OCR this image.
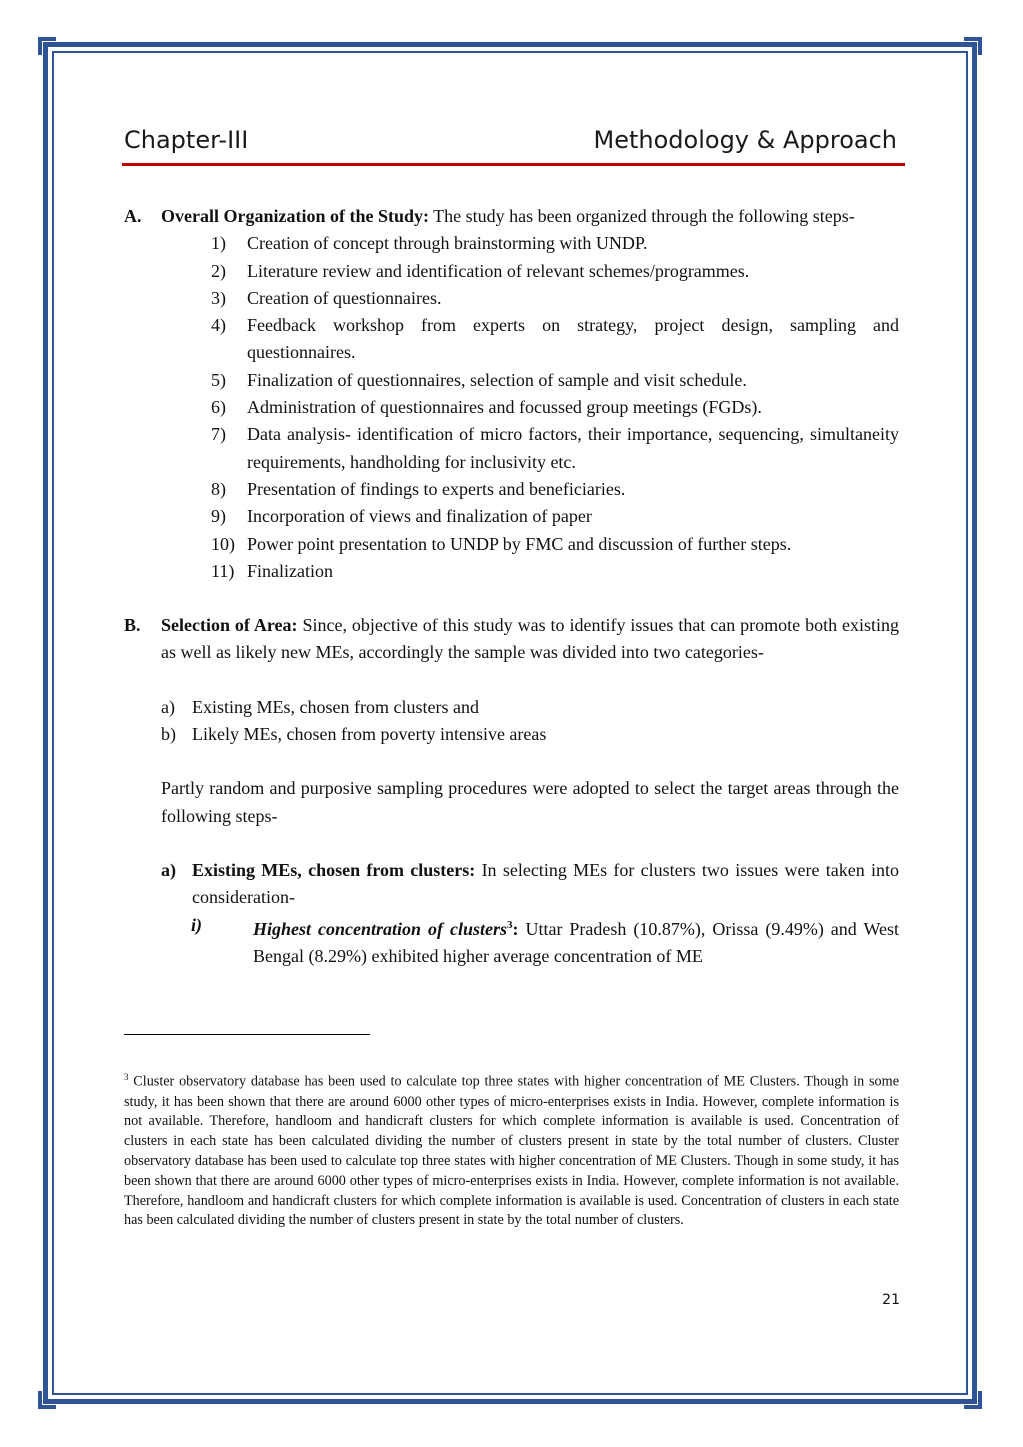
Chapter-III	Methodology & Approach
A. Overall Organization of the Study: The study has been organized through the following steps-
1) Creation of concept through brainstorming with UNDP.
2) Literature review and identification of relevant schemes/programmes.
3) Creation of questionnaires.
4) Feedback workshop from experts on strategy, project design, sampling and questionnaires.
5) Finalization of questionnaires, selection of sample and visit schedule.
6) Administration of questionnaires and focussed group meetings (FGDs).
7) Data analysis- identification of micro factors, their importance, sequencing, simultaneity requirements, handholding for inclusivity etc.
8) Presentation of findings to experts and beneficiaries.
9) Incorporation of views and finalization of paper
10) Power point presentation to UNDP by FMC and discussion of further steps.
11) Finalization
B. Selection of Area: Since, objective of this study was to identify issues that can promote both existing as well as likely new MEs, accordingly the sample was divided into two categories-
a) Existing MEs, chosen from clusters and
b) Likely MEs, chosen from poverty intensive areas
Partly random and purposive sampling procedures were adopted to select the target areas through the following steps-
a) Existing MEs, chosen from clusters: In selecting MEs for clusters two issues were taken into consideration-
i)	Highest concentration of clusters$^3$: Uttar Pradesh (10.87%), Orissa (9.49%) and West Bengal (8.29%) exhibited higher average concentration of ME
$^3$ Cluster observatory database has been used to calculate top three states with higher concentration of ME Clusters. Though in some study, it has been shown that there are around 6000 other types of micro-enterprises exists in India. However, complete information is not available. Therefore, handloom and handicraft clusters for which complete information is available is used. Concentration of clusters in each state has been calculated dividing the number of clusters present in state by the total number of clusters. Cluster observatory database has been used to calculate top three states with higher concentration of ME Clusters. Though in some study, it has been shown that there are around 6000 other types of micro-enterprises exists in India. However, complete information is not available. Therefore, handloom and handicraft clusters for which complete information is available is used. Concentration of clusters in each state has been calculated dividing the number of clusters present in state by the total number of clusters.
21
